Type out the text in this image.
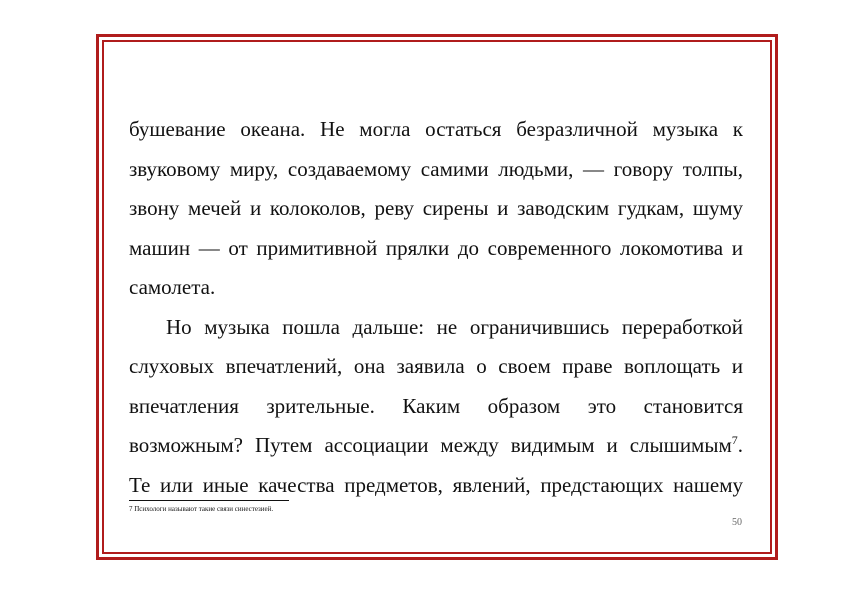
бушевание океана. Не могла остаться безразличной музыка к
звуковому миру, создаваемому самими людьми, — говору толпы,
звону мечей и колоколов, реву сирены и заводским гудкам, шуму
машин — от примитивной прялки до современного локомотива и
самолета.
Но музыка пошла дальше: не ограничившись переработкой
слуховых впечатлений, она заявила о своем праве воплощать и
впечатления зрительные. Каким образом это становится
возможным? Путем ассоциации между видимым и слышимым$^7$.
Те или иные качества предметов, явлений, предстающих нашему
7 Психологи называют такие связи синестезией.
50
